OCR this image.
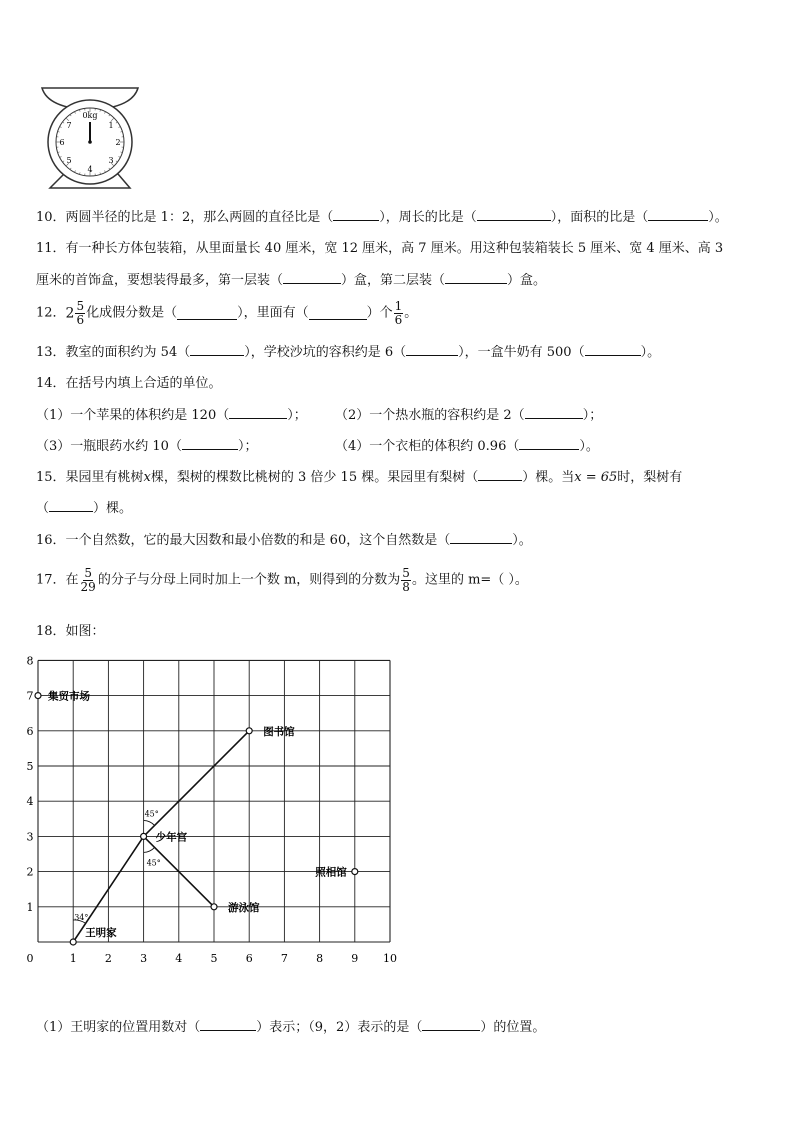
0kg
7	1
6	2
5	3
4
10．两圆半径的比是 1：2，那么两圆的直径比是（	），周长的比是（	），面积的比是（	）。
11．有一种长方体包装箱，从里面量长 40 厘米，宽 12 厘米，高 7 厘米。用这种包装箱装长 5 厘米、宽 4 厘米、高 3
厘米的首饰盒，要想装得最多，第一层装（	）盒，第二层装（	）盒。
12．$2 \frac{5}{6}$ 化成假分数是（	），里面有（	）个 $\frac{1}{6}$ 。
13．教室的面积约为 54（	），学校沙坑的容积约是 6（	），一盒牛奶有 500（	）。
14．在括号内填上合适的单位。
（1）一个苹果的体积约是 120（	）； （2）一个热水瓶的容积约是 2（	）；
（3）一瓶眼药水约 10（	）；	（4）一个衣柜的体积约 0.96（	）。
15．果园里有桃树x棵，梨树的棵数比桃树的 3 倍少 15 棵。果园里有梨树（	）棵。当x = 65时，梨树有
（	）棵。
16．一个自然数，它的最大因数和最小倍数的和是 60，这个自然数是（	）。
17．在 $\frac{5}{29}$ 的分子与分母上同时加上一个数 m，则得到的分数为 $\frac{5}{8}$ 。这里的 m=（ ）。
18．如图：
0	1	2	3	4	5	6	7	8	9 10
1
2
3
4
5
6
7
8
34°
45°
45°
集贸市场
图书馆
少年宫
照相馆
游泳馆
王明家
（1）王明家的位置用数对（	）表示；（9，2）表示的是（	）的位置。
